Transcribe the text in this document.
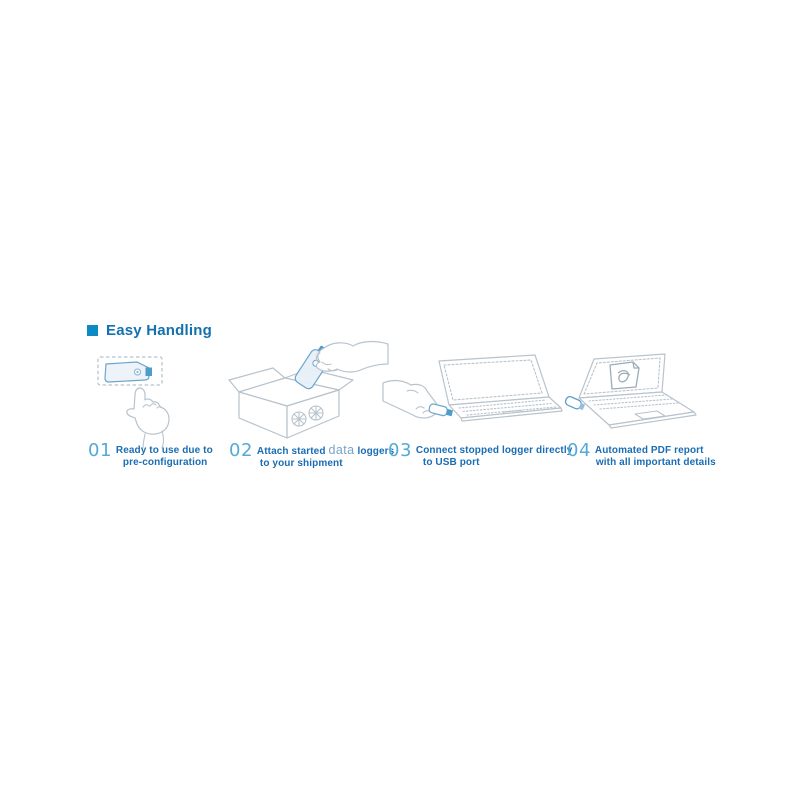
Easy Handling
01 Ready to use due to
pre-configuration
02 Attach started data loggers
to your shipment
03 Connect stopped logger directly
to USB port
04 Automated PDF report
with all important details
